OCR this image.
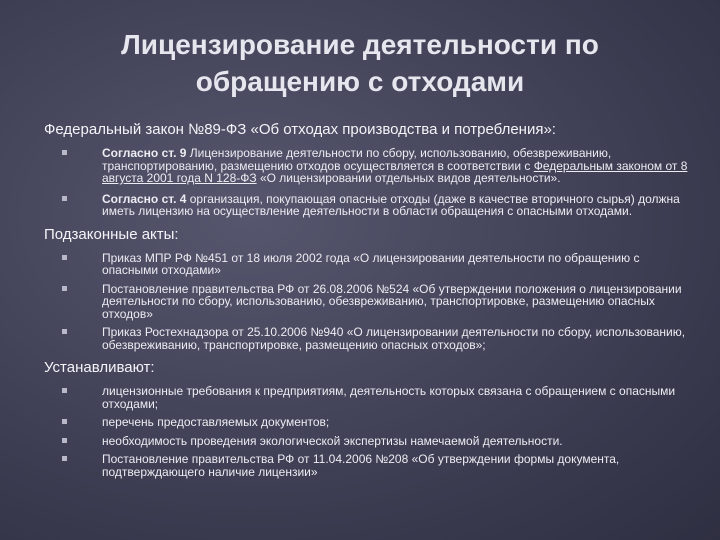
Лицензирование деятельности по
обращению с отходами

Федеральный закон №89-ФЗ «Об отходах производства и потребления»:

Согласно ст. 9 Лицензирование деятельности по сбору, использованию, обезвреживанию, транспортированию, размещению отходов осуществляется в соответствии с Федеральным законом от 8 августа 2001 года N 128-ФЗ «О лицензировании отдельных видов деятельности».
Согласно ст. 4 организация, покупающая опасные отходы (даже в качестве вторичного сырья) должна иметь лицензию на осуществление деятельности в области обращения с опасными отходами.

Подзаконные акты:

Приказ МПР РФ №451 от 18 июля 2002 года «О лицензировании деятельности по обращению с опасными отходами»
Постановление правительства РФ от 26.08.2006 №524 «Об утверждении положения о лицензировании деятельности по сбору, использованию, обезвреживанию, транспортировке, размещению опасных отходов»
Приказ Ростехнадзора от 25.10.2006 №940 «О лицензировании деятельности по сбору, использованию, обезвреживанию, транспортировке, размещению опасных отходов»;

Устанавливают:

лицензионные требования к предприятиям, деятельность которых связана с обращением с опасными отходами;
перечень предоставляемых документов;
необходимость проведения экологической экспертизы намечаемой деятельности.
Постановление правительства РФ от 11.04.2006 №208 «Об утверждении формы документа, подтверждающего наличие лицензии»
